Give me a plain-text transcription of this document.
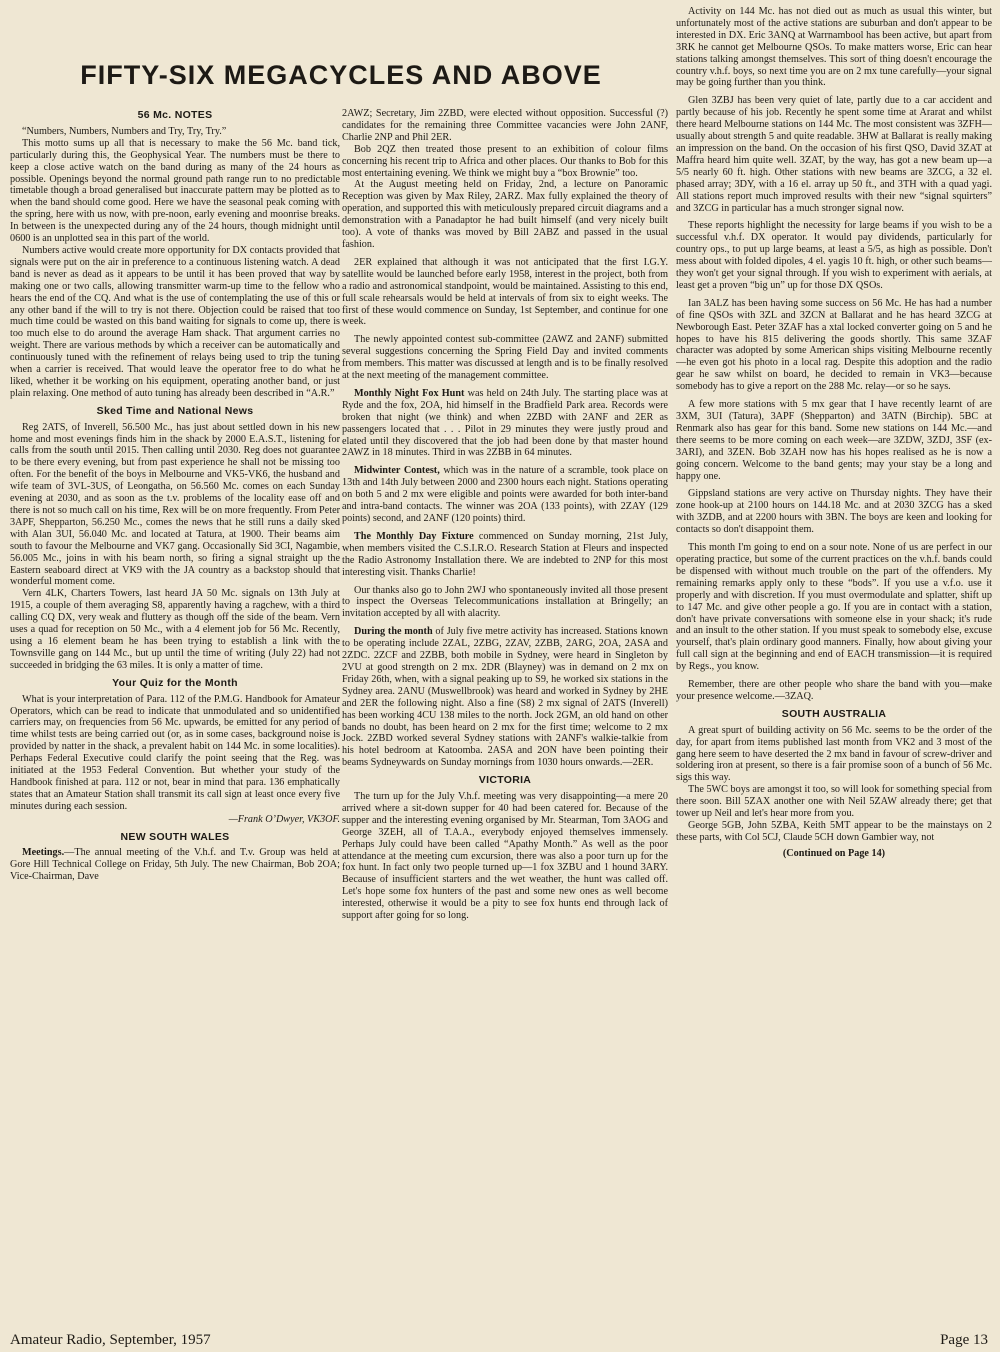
FIFTY-SIX MEGACYCLES AND ABOVE
56 Mc. NOTES

“Numbers, Numbers, Numbers and Try, Try, Try.”

This motto sums up all that is necessary to make the 56 Mc. band tick, particularly during this, the Geophysical Year. The numbers must be there to keep a close active watch on the band during as many of the 24 hours as possible. Openings beyond the normal ground path range run to no predictable timetable though a broad generalised but inaccurate pattern may be plotted as to when the band should come good. Here we have the seasonal peak coming with the spring, here with us now, with pre-noon, early evening and moonrise breaks. In between is the unexpected during any of the 24 hours, though midnight until 0600 is an unplotted sea in this part of the world.

Numbers active would create more opportunity for DX contacts provided that signals were put on the air in preference to a continuous listening watch. A dead band is never as dead as it appears to be until it has been proved that way by making one or two calls, allowing transmitter warm-up time to the fellow who hears the end of the CQ. And what is the use of contemplating the use of this or any other band if the will to try is not there. Objection could be raised that too much time could be wasted on this band waiting for signals to come up, there is too much else to do around the average Ham shack. That argument carries no weight. There are various methods by which a receiver can be automatically and continuously tuned with the refinement of relays being used to trip the tuning when a carrier is received. That would leave the operator free to do what he liked, whether it be working on his equipment, operating another band, or just plain relaxing. One method of auto tuning has already been described in “A.R.”

Sked Time and National News

Reg 2ATS, of Inverell, 56.500 Mc., has just about settled down in his new home and most evenings finds him in the shack by 2000 E.A.S.T., listening for calls from the south until 2015. Then calling until 2030. Reg does not guarantee to be there every evening, but from past experience he shall not be missing too often. For the benefit of the boys in Melbourne and VK5-VK6, the husband and wife team of 3VL-3US, of Leongatha, on 56.560 Mc. comes on each Sunday evening at 2030, and as soon as the t.v. problems of the locality ease off and there is not so much call on his time, Rex will be on more frequently. From Peter 3APF, Shepparton, 56.250 Mc., comes the news that he still runs a daily sked with Alan 3UI, 56.040 Mc. and located at Tatura, at 1900. Their beams aim south to favour the Melbourne and VK7 gang. Occasionally Sid 3CI, Nagambie, 56.005 Mc., joins in with his beam north, so firing a signal straight up the Eastern seaboard direct at VK9 with the JA country as a backstop should that wonderful moment come.

Vern 4LK, Charters Towers, last heard JA 50 Mc. signals on 13th July at 1915, a couple of them averaging S8, apparently having a ragchew, with a third calling CQ DX, very weak and fluttery as though off the side of the beam. Vern uses a quad for reception on 50 Mc., with a 4 element job for 56 Mc. Recently, using a 16 element beam he has been trying to establish a link with the Townsville gang on 144 Mc., but up until the time of writing (July 22) had not succeeded in bridging the 63 miles. It is only a matter of time.

Your Quiz for the Month

What is your interpretation of Para. 112 of the P.M.G. Handbook for Amateur Operators, which can be read to indicate that unmodulated and so unidentified carriers may, on frequencies from 56 Mc. upwards, be emitted for any period of time whilst tests are being carried out (or, as in some cases, background noise is provided by natter in the shack, a prevalent habit on 144 Mc. in some localities). Perhaps Federal Executive could clarify the point seeing that the Reg. was initiated at the 1953 Federal Convention. But whether your study of the Handbook finished at para. 112 or not, bear in mind that para. 136 emphatically states that an Amateur Station shall transmit its call sign at least once every five minutes during each session.

—Frank O’Dwyer, VK3OF.

NEW SOUTH WALES

Meetings.—The annual meeting of the V.h.f. and T.v. Group was held at Gore Hill Technical College on Friday, 5th July. The new Chairman, Bob 2OA; Vice-Chairman, Dave

2AWZ; Secretary, Jim 2ZBD, were elected without opposition. Successful (?) candidates for the remaining three Committee vacancies were John 2ANF, Charlie 2NP and Phil 2ER.

Bob 2QZ then treated those present to an exhibition of colour films concerning his recent trip to Africa and other places. Our thanks to Bob for this most entertaining evening. We think we might buy a “box Brownie” too.

At the August meeting held on Friday, 2nd, a lecture on Panoramic Reception was given by Max Riley, 2ARZ. Max fully explained the theory of operation, and supported this with meticulously prepared circuit diagrams and a demonstration with a Panadaptor he had built himself (and very nicely built too). A vote of thanks was moved by Bill 2ABZ and passed in the usual fashion.

2ER explained that although it was not anticipated that the first I.G.Y. satellite would be launched before early 1958, interest in the project, both from a radio and astronomical standpoint, would be maintained. Assisting to this end, full scale rehearsals would be held at intervals of from six to eight weeks. The first of these would commence on Sunday, 1st September, and continue for one week.

The newly appointed contest sub-committee (2AWZ and 2ANF) submitted several suggestions concerning the Spring Field Day and invited comments from members. This matter was discussed at length and is to be finally resolved at the next meeting of the management committee.

Monthly Night Fox Hunt was held on 24th July. The starting place was at Ryde and the fox, 2OA, hid himself in the Bradfield Park area. Records were broken that night (we think) and when 2ZBD with 2ANF and 2ER as passengers located that . . . Pilot in 29 minutes they were justly proud and elated until they discovered that the job had been done by that master hound 2AWZ in 18 minutes. Third in was 2ZBB in 64 minutes.

Midwinter Contest, which was in the nature of a scramble, took place on 13th and 14th July between 2000 and 2300 hours each night. Stations operating on both 5 and 2 mx were eligible and points were awarded for both inter-band and intra-band contacts. The winner was 2OA (133 points), with 2ZAY (129 points) second, and 2ANF (120 points) third.

The Monthly Day Fixture commenced on Sunday morning, 21st July, when members visited the C.S.I.R.O. Research Station at Fleurs and inspected the Radio Astronomy Installation there. We are indebted to 2NP for this most interesting visit. Thanks Charlie!

Our thanks also go to John 2WJ who spontaneously invited all those present to inspect the Overseas Telecommunications installation at Bringelly; an invitation accepted by all with alacrity.

During the month of July five metre activity has increased. Stations known to be operating include 2ZAL, 2ZBG, 2ZAV, 2ZBB, 2ARG, 2OA, 2ASA and 2ZDC. 2ZCF and 2ZBB, both mobile in Sydney, were heard in Singleton by 2VU at good strength on 2 mx. 2DR (Blayney) was in demand on 2 mx on Friday 26th, when, with a signal peaking up to S9, he worked six stations in the Sydney area. 2ANU (Muswellbrook) was heard and worked in Sydney by 2HE and 2ER the following night. Also a fine (S8) 2 mx signal of 2ATS (Inverell) has been working 4CU 138 miles to the north. Jock 2GM, an old hand on other bands no doubt, has been heard on 2 mx for the first time; welcome to 2 mx Jock. 2ZBD worked several Sydney stations with 2ANF's walkie-talkie from his hotel bedroom at Katoomba. 2ASA and 2ON have been pointing their beams Sydneywards on Sunday mornings from 1030 hours onwards.—2ER.

VICTORIA

The turn up for the July V.h.f. meeting was very disappointing—a mere 20 arrived where a sit-down supper for 40 had been catered for. Because of the supper and the interesting evening organised by Mr. Stearman, Tom 3AOG and George 3ZEH, all of T.A.A., everybody enjoyed themselves immensely. Perhaps July could have been called “Apathy Month.” As well as the poor attendance at the meeting cum excursion, there was also a poor turn up for the fox hunt. In fact only two people turned up—1 fox 3ZBU and 1 hound 3ARY. Because of insufficient starters and the wet weather, the hunt was called off. Let's hope some fox hunters of the past and some new ones as well become interested, otherwise it would be a pity to see fox hunts end through lack of support after going for so long.

Activity on 144 Mc. has not died out as much as usual this winter, but unfortunately most of the active stations are suburban and don't appear to be interested in DX. Eric 3ANQ at Warrnambool has been active, but apart from 3RK he cannot get Melbourne QSOs. To make matters worse, Eric can hear stations talking amongst themselves. This sort of thing doesn't encourage the country v.h.f. boys, so next time you are on 2 mx tune carefully—your signal may be going further than you think.

Glen 3ZBJ has been very quiet of late, partly due to a car accident and partly because of his job. Recently he spent some time at Ararat and whilst there heard Melbourne stations on 144 Mc. The most consistent was 3ZFH—usually about strength 5 and quite readable. 3HW at Ballarat is really making an impression on the band. On the occasion of his first QSO, David 3ZAT at Maffra heard him quite well. 3ZAT, by the way, has got a new beam up—a 5/5 nearly 60 ft. high. Other stations with new beams are 3ZCG, a 32 el. phased array; 3DY, with a 16 el. array up 50 ft., and 3TH with a quad yagi. All stations report much improved results with their new “signal squirters” and 3ZCG in particular has a much stronger signal now.

These reports highlight the necessity for large beams if you wish to be a successful v.h.f. DX operator. It would pay dividends, particularly for country ops., to put up large beams, at least a 5/5, as high as possible. Don't mess about with folded dipoles, 4 el. yagis 10 ft. high, or other such beams—they won't get your signal through. If you wish to experiment with aerials, at least get a proven “big un” up for those DX QSOs.

Ian 3ALZ has been having some success on 56 Mc. He has had a number of fine QSOs with 3ZL and 3ZCN at Ballarat and he has heard 3ZCG at Newborough East. Peter 3ZAF has a xtal locked converter going on 5 and he hopes to have his 815 delivering the goods shortly. This same 3ZAF character was adopted by some American ships visiting Melbourne recently—he even got his photo in a local rag. Despite this adoption and the radio gear he saw whilst on board, he decided to remain in VK3—because somebody has to give a report on the 288 Mc. relay—or so he says.

A few more stations with 5 mx gear that I have recently learnt of are 3XM, 3UI (Tatura), 3APF (Shepparton) and 3ATN (Birchip). 5BC at Renmark also has gear for this band. Some new stations on 144 Mc.—and there seems to be more coming on each week—are 3ZDW, 3ZDJ, 3SF (ex-3ARI), and 3ZEN. Bob 3ZAH now has his hopes realised as he is now a going concern. Welcome to the band gents; may your stay be a long and happy one.

Gippsland stations are very active on Thursday nights. They have their zone hook-up at 2100 hours on 144.18 Mc. and at 2030 3ZCG has a sked with 3ZDB, and at 2200 hours with 3BN. The boys are keen and looking for contacts so don't disappoint them.

This month I'm going to end on a sour note. None of us are perfect in our operating practice, but some of the current practices on the v.h.f. bands could be dispensed with without much trouble on the part of the offenders. My remaining remarks apply only to these “bods”. If you use a v.f.o. use it properly and with discretion. If you must overmodulate and splatter, shift up to 147 Mc. and give other people a go. If you are in contact with a station, don't have private conversations with someone else in your shack; it's rude and an insult to the other station. If you must speak to somebody else, excuse yourself, that's plain ordinary good manners. Finally, how about giving your full call sign at the beginning and end of EACH transmission—it is required by Regs., you know.

Remember, there are other people who share the band with you—make your presence welcome.—3ZAQ.

SOUTH AUSTRALIA

A great spurt of building activity on 56 Mc. seems to be the order of the day, for apart from items published last month from VK2 and 3 most of the gang here seem to have deserted the 2 mx band in favour of screw-driver and soldering iron at present, so there is a fair promise soon of a bunch of 56 Mc. sigs this way.

The 5WC boys are amongst it too, so will look for something special from there soon. Bill 5ZAX another one with Neil 5ZAW already there; get that tower up Neil and let's hear more from you.

George 5GB, John 5ZBA, Keith 5MT appear to be the mainstays on 2 these parts, with Col 5CJ, Claude 5CH down Gambier way, not

(Continued on Page 14)

Amateur Radio, September, 1957	Page 13
